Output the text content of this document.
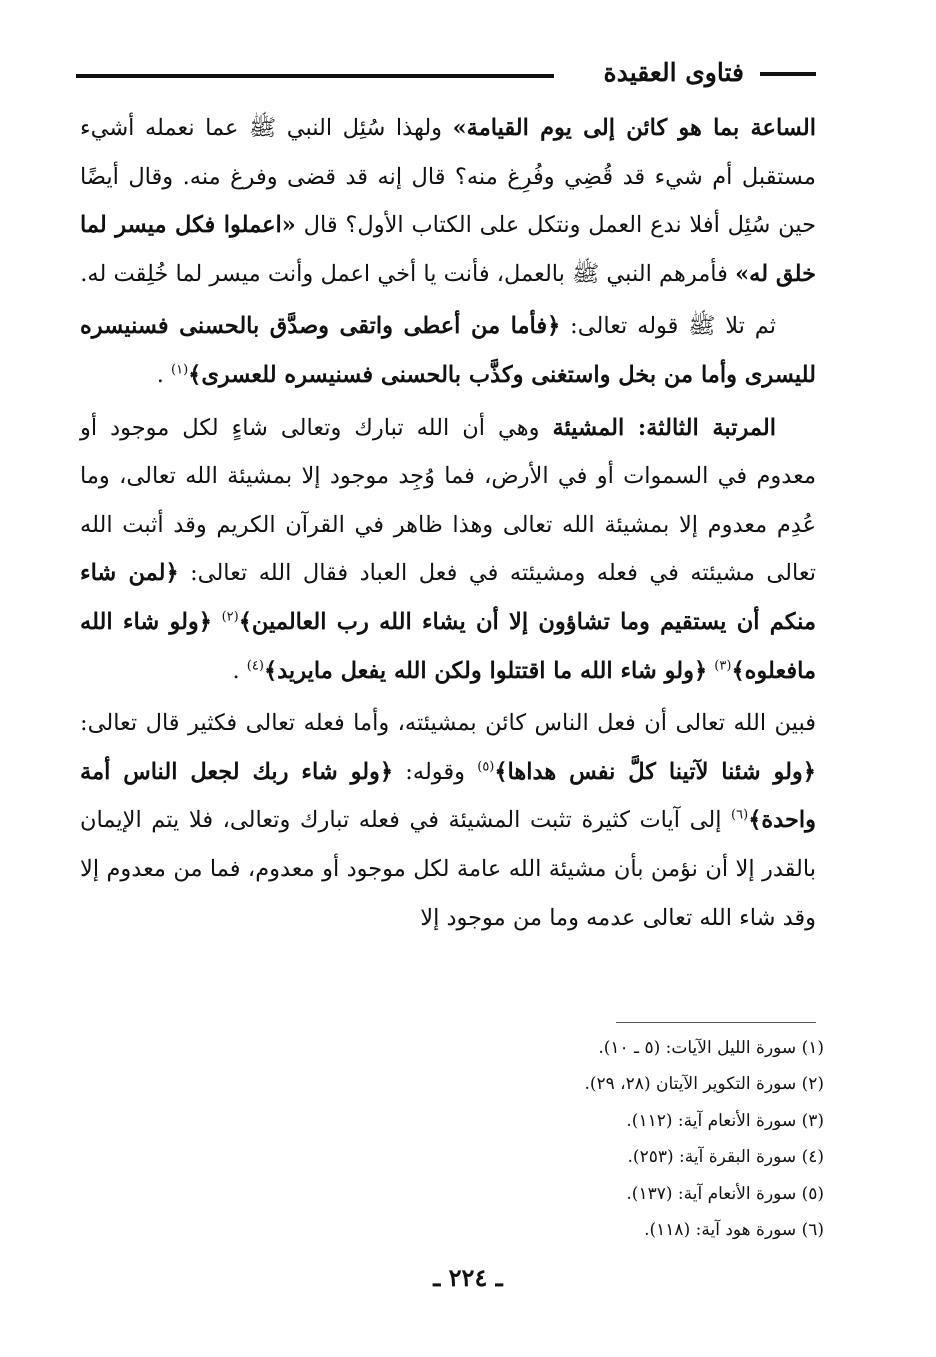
فتاوى العقيدة

الساعة بما هو كائن إلى يوم القيامة» ولهذا سُئِل النبي ﷺ عما نعمله أشيء مستقبل أم شيء قد قُضِي وفُرِغ منه؟ قال إنه قد قضى وفرغ منه. وقال أيضًا حين سُئِل أفلا ندع العمل ونتكل على الكتاب الأول؟ قال «اعملوا فكل ميسر لما خلق له» فأمرهم النبي ﷺ بالعمل، فأنت يا أخي اعمل وأنت ميسر لما خُلِقت له.

ثم تلا ﷺ قوله تعالى: ﴿فأما من أعطى واتقى وصدَّق بالحسنى فسنيسره لليسرى وأما من بخل واستغنى وكذَّب بالحسنى فسنيسره للعسرى﴾$^{(١)}$ .

المرتبة الثالثة: المشيئة وهي أن الله تبارك وتعالى شاءٍ لكل موجود أو معدوم في السموات أو في الأرض، فما وُجِد موجود إلا بمشيئة الله تعالى، وما عُدِم معدوم إلا بمشيئة الله تعالى وهذا ظاهر في القرآن الكريم وقد أثبت الله تعالى مشيئته في فعله ومشيئته في فعل العباد فقال الله تعالى: ﴿لمن شاء منكم أن يستقيم وما تشاؤون إلا أن يشاء الله رب العالمين﴾$^{(٢)}$ ﴿ولو شاء الله مافعلوه﴾$^{(٣)}$ ﴿ولو شاء الله ما اقتتلوا ولكن الله يفعل مايريد﴾$^{(٤)}$ .

فبين الله تعالى أن فعل الناس كائن بمشيئته، وأما فعله تعالى فكثير قال تعالى: ﴿ولو شئنا لآتينا كلَّ نفس هداها﴾$^{(٥)}$ وقوله: ﴿ولو شاء ربك لجعل الناس أمة واحدة﴾$^{(٦)}$ إلى آيات كثيرة تثبت المشيئة في فعله تبارك وتعالى، فلا يتم الإيمان بالقدر إلا أن نؤمن بأن مشيئة الله عامة لكل موجود أو معدوم، فما من معدوم إلا وقد شاء الله تعالى عدمه وما من موجود إلا

(١) سورة الليل الآيات: (٥ ـ ١٠).
(٢) سورة التكوير الآيتان (٢٨، ٢٩).
(٣) سورة الأنعام آية: (١١٢).
(٤) سورة البقرة آية: (٢٥٣).
(٥) سورة الأنعام آية: (١٣٧).
(٦) سورة هود آية: (١١٨).
ـ ٢٢٤ ـ
